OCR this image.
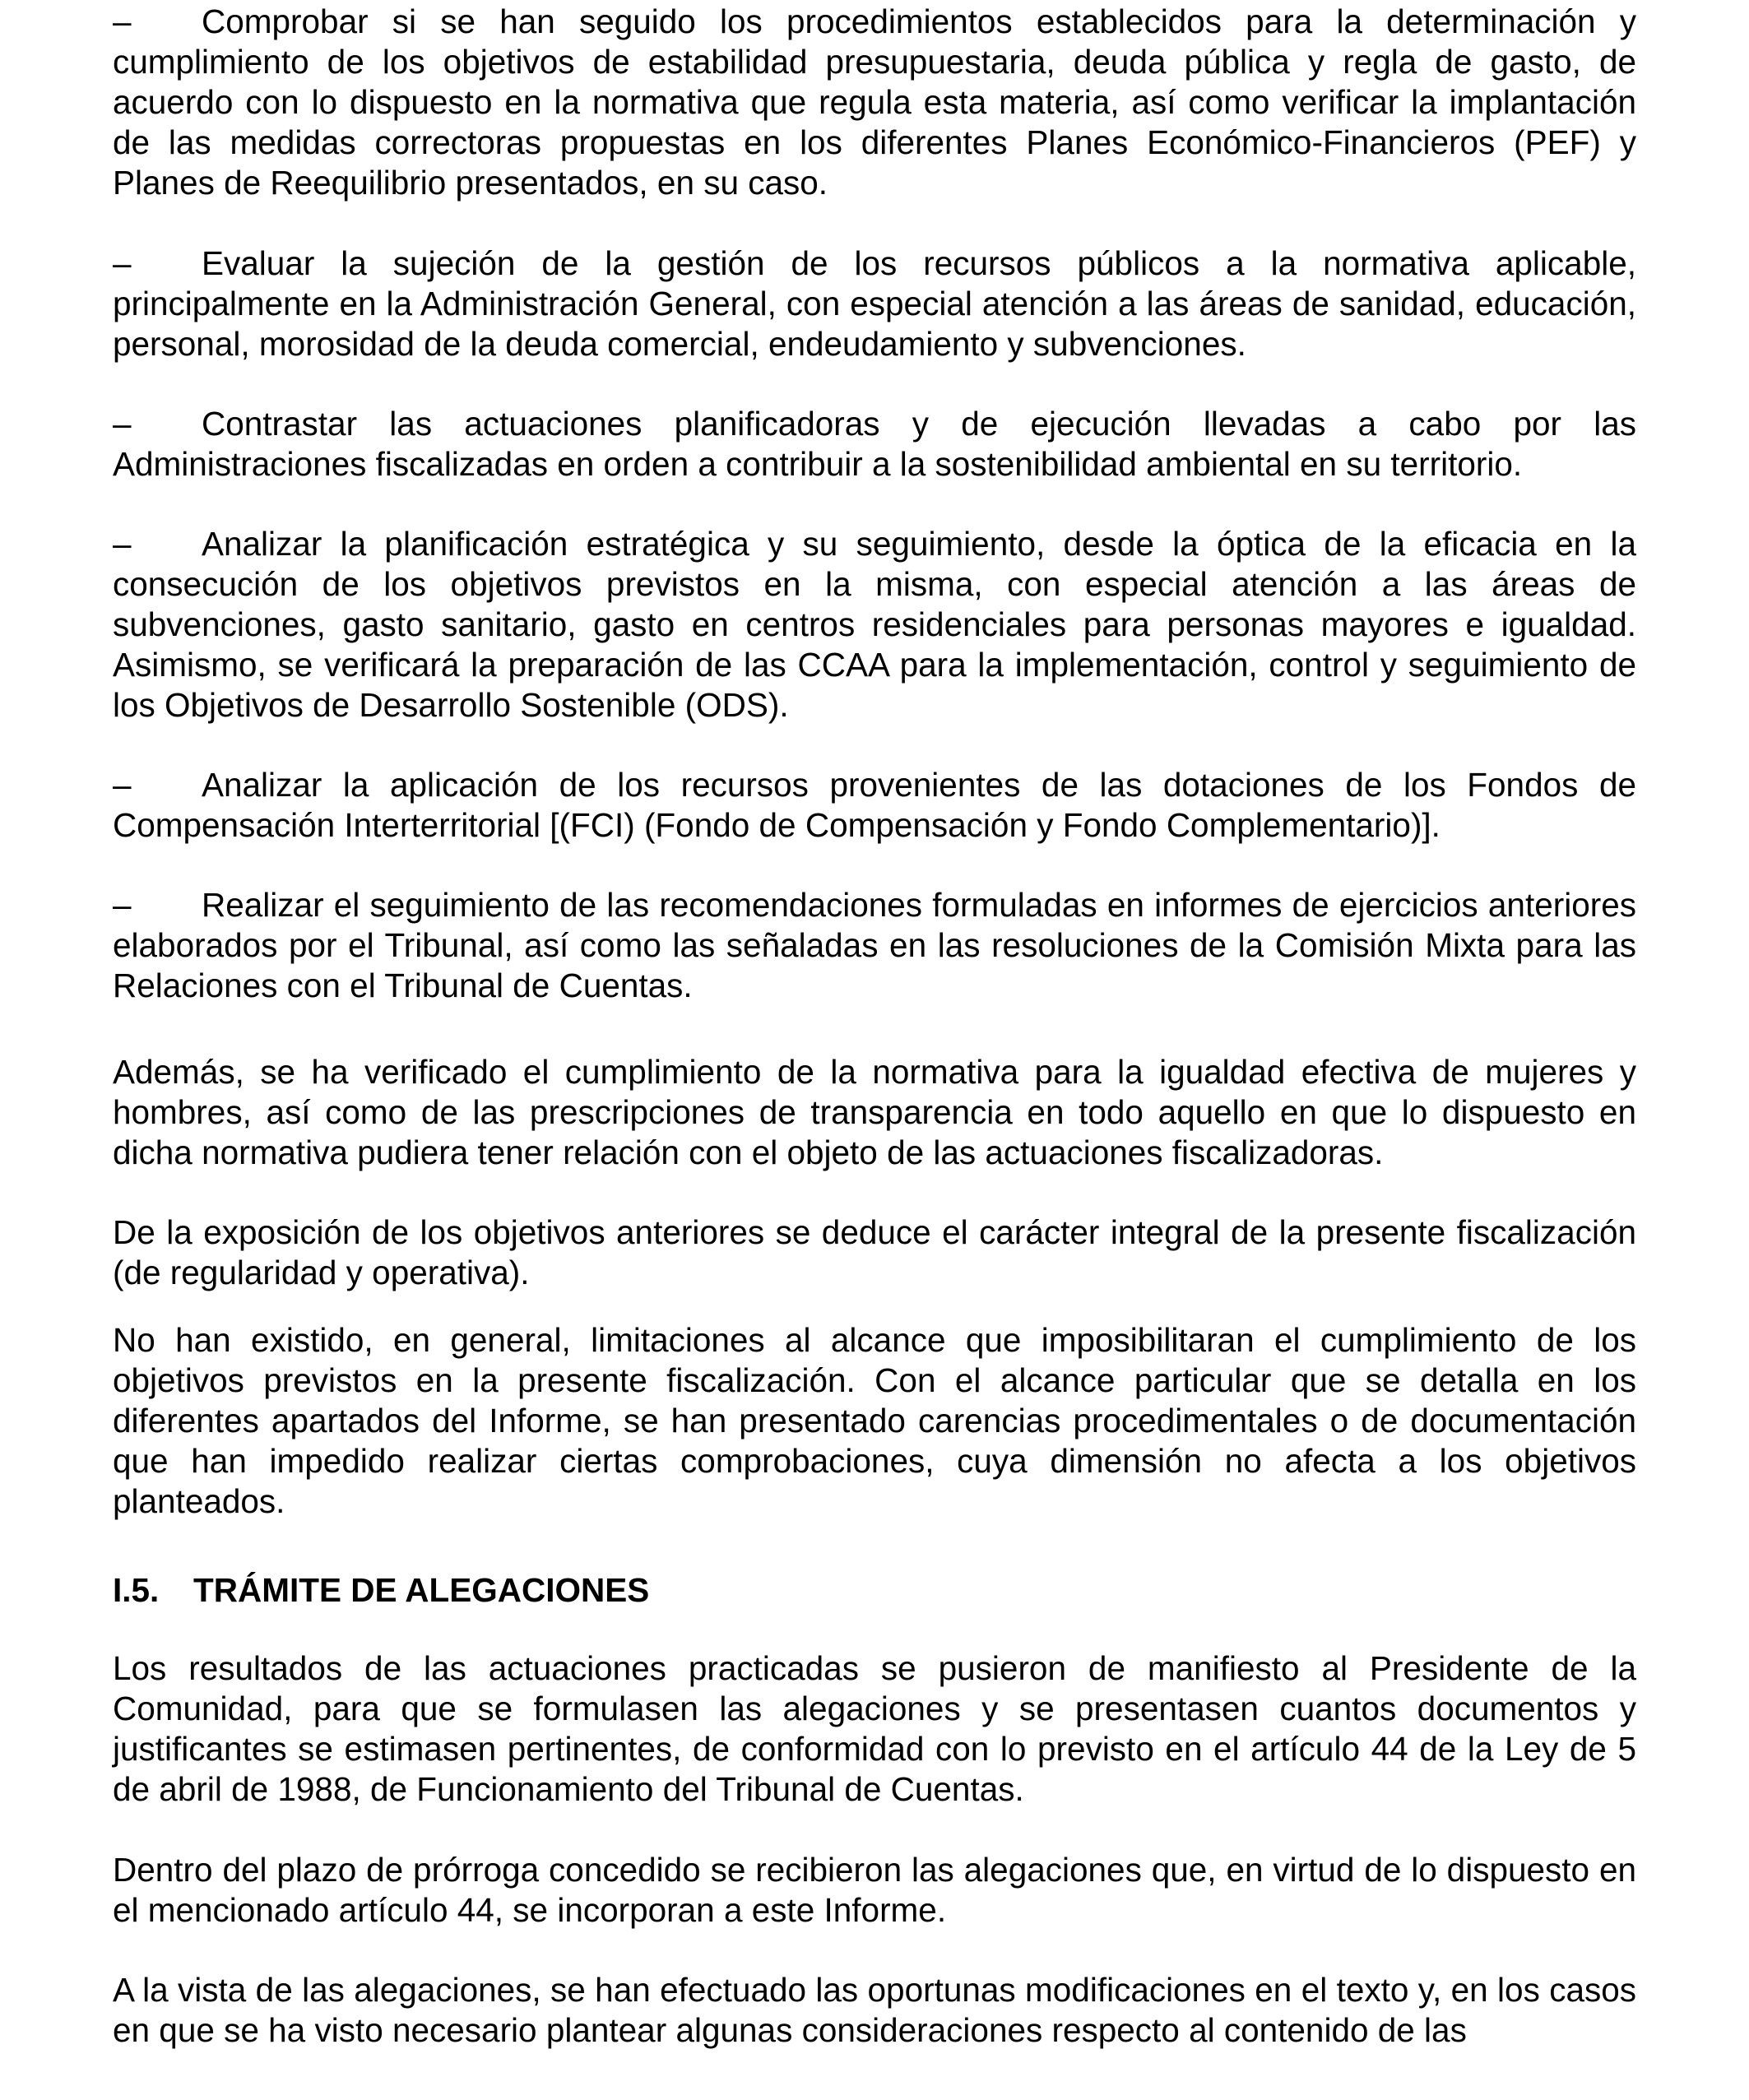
–	Comprobar si se han seguido los procedimientos establecidos para la determinación y cumplimiento de los objetivos de estabilidad presupuestaria, deuda pública y regla de gasto, de acuerdo con lo dispuesto en la normativa que regula esta materia, así como verificar la implantación de las medidas correctoras propuestas en los diferentes Planes Económico-Financieros (PEF) y Planes de Reequilibrio presentados, en su caso.

–	Evaluar la sujeción de la gestión de los recursos públicos a la normativa aplicable, principalmente en la Administración General, con especial atención a las áreas de sanidad, educación, personal, morosidad de la deuda comercial, endeudamiento y subvenciones.

–	Contrastar las actuaciones planificadoras y de ejecución llevadas a cabo por las Administraciones fiscalizadas en orden a contribuir a la sostenibilidad ambiental en su territorio.

–	Analizar la planificación estratégica y su seguimiento, desde la óptica de la eficacia en la consecución de los objetivos previstos en la misma, con especial atención a las áreas de subvenciones, gasto sanitario, gasto en centros residenciales para personas mayores e igualdad. Asimismo, se verificará la preparación de las CCAA para la implementación, control y seguimiento de los Objetivos de Desarrollo Sostenible (ODS).

–	Analizar la aplicación de los recursos provenientes de las dotaciones de los Fondos de Compensación Interterritorial [(FCI) (Fondo de Compensación y Fondo Complementario)].

–	Realizar el seguimiento de las recomendaciones formuladas en informes de ejercicios anteriores elaborados por el Tribunal, así como las señaladas en las resoluciones de la Comisión Mixta para las Relaciones con el Tribunal de Cuentas.

Además, se ha verificado el cumplimiento de la normativa para la igualdad efectiva de mujeres y hombres, así como de las prescripciones de transparencia en todo aquello en que lo dispuesto en dicha normativa pudiera tener relación con el objeto de las actuaciones fiscalizadoras.

De la exposición de los objetivos anteriores se deduce el carácter integral de la presente fiscalización (de regularidad y operativa).

No han existido, en general, limitaciones al alcance que imposibilitaran el cumplimiento de los objetivos previstos en la presente fiscalización. Con el alcance particular que se detalla en los diferentes apartados del Informe, se han presentado carencias procedimentales o de documentación que han impedido realizar ciertas comprobaciones, cuya dimensión no afecta a los objetivos planteados.

I.5. TRÁMITE DE ALEGACIONES

Los resultados de las actuaciones practicadas se pusieron de manifiesto al Presidente de la Comunidad, para que se formulasen las alegaciones y se presentasen cuantos documentos y justificantes se estimasen pertinentes, de conformidad con lo previsto en el artículo 44 de la Ley de 5 de abril de 1988, de Funcionamiento del Tribunal de Cuentas.

Dentro del plazo de prórroga concedido se recibieron las alegaciones que, en virtud de lo dispuesto en el mencionado artículo 44, se incorporan a este Informe.

A la vista de las alegaciones, se han efectuado las oportunas modificaciones en el texto y, en los casos en que se ha visto necesario plantear algunas consideraciones respecto al contenido de las
